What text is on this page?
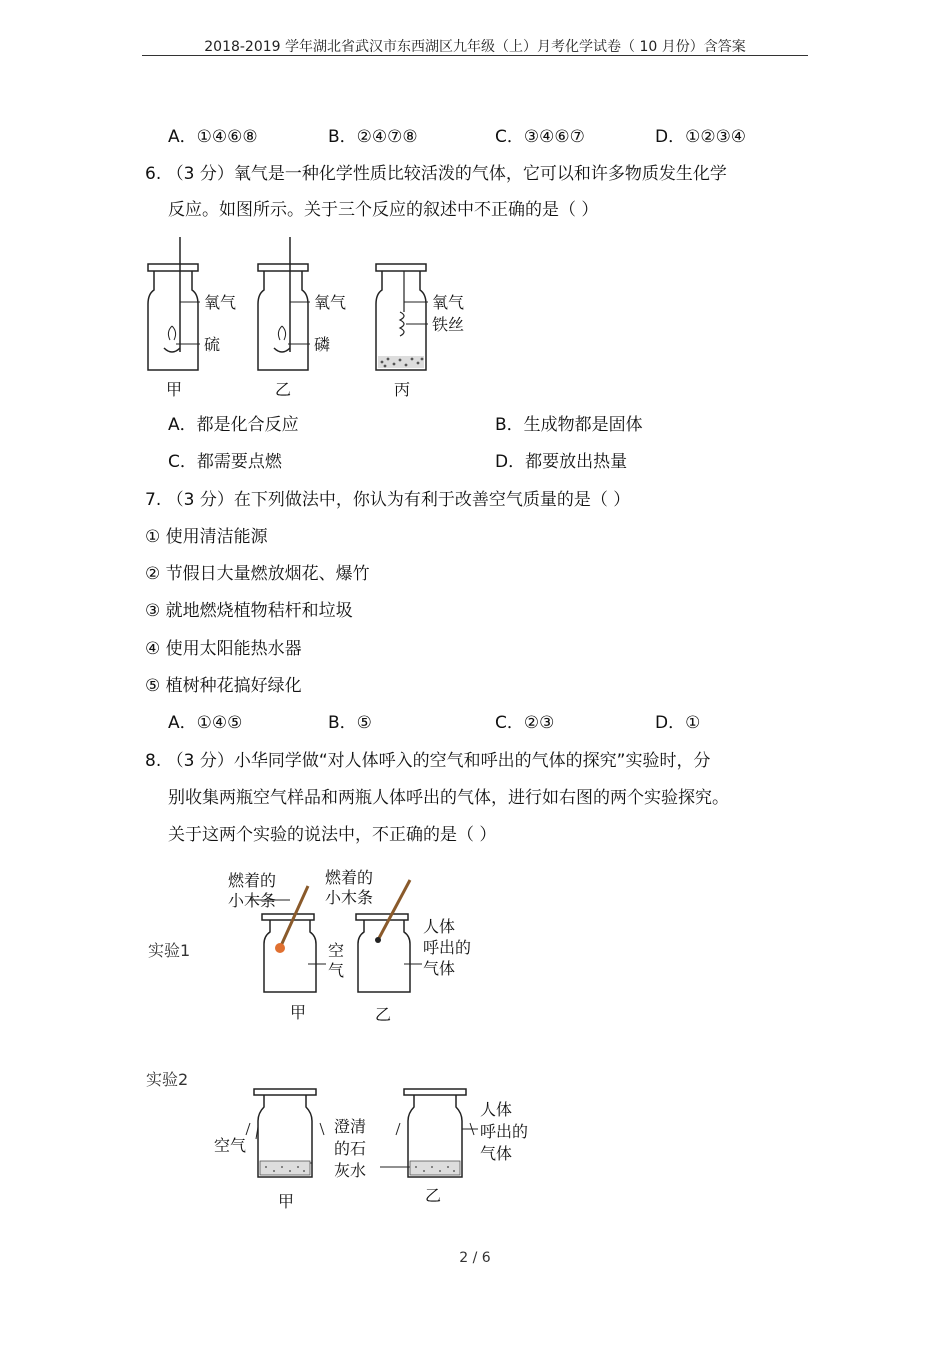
2018-2019 学年湖北省武汉市东西湖区九年级（上）月考化学试卷（ 10 月份）含答案
A．①④⑥⑧	B．②④⑦⑧	C．③④⑥⑦	D．①②③④
6. （3 分）氧气是一种化学性质比较活泼的气体，它可以和许多物质发生化学
反应。如图所示。关于三个反应的叙述中不正确的是（ ）
氧气
硫
甲
氧气
磷
乙
氧气
铁丝
丙
A．都是化合反应	B．生成物都是固体
C．都需要点燃	D．都要放出热量
7. （3 分）在下列做法中，你认为有利于改善空气质量的是（ ）
① 使用清洁能源
② 节假日大量燃放烟花、爆竹
③ 就地燃烧植物秸杆和垃圾
④ 使用太阳能热水器
⑤ 植树种花搞好绿化
A．①④⑤	B．⑤	C．②③	D．①
8. （3 分）小华同学做“对人体呼入的空气和呼出的气体的探究”实验时，分
别收集两瓶空气样品和两瓶人体呼出的气体，进行如右图的两个实验探究。
关于这两个实验的说法中，不正确的是（ ）
实验1
燃着的
小木条
燃着的
小木条
空
气
人体
呼出的
气体
甲	乙
实验2
空气
澄清
的石
灰水
人体
呼出的
气体
甲	乙
2 / 6
